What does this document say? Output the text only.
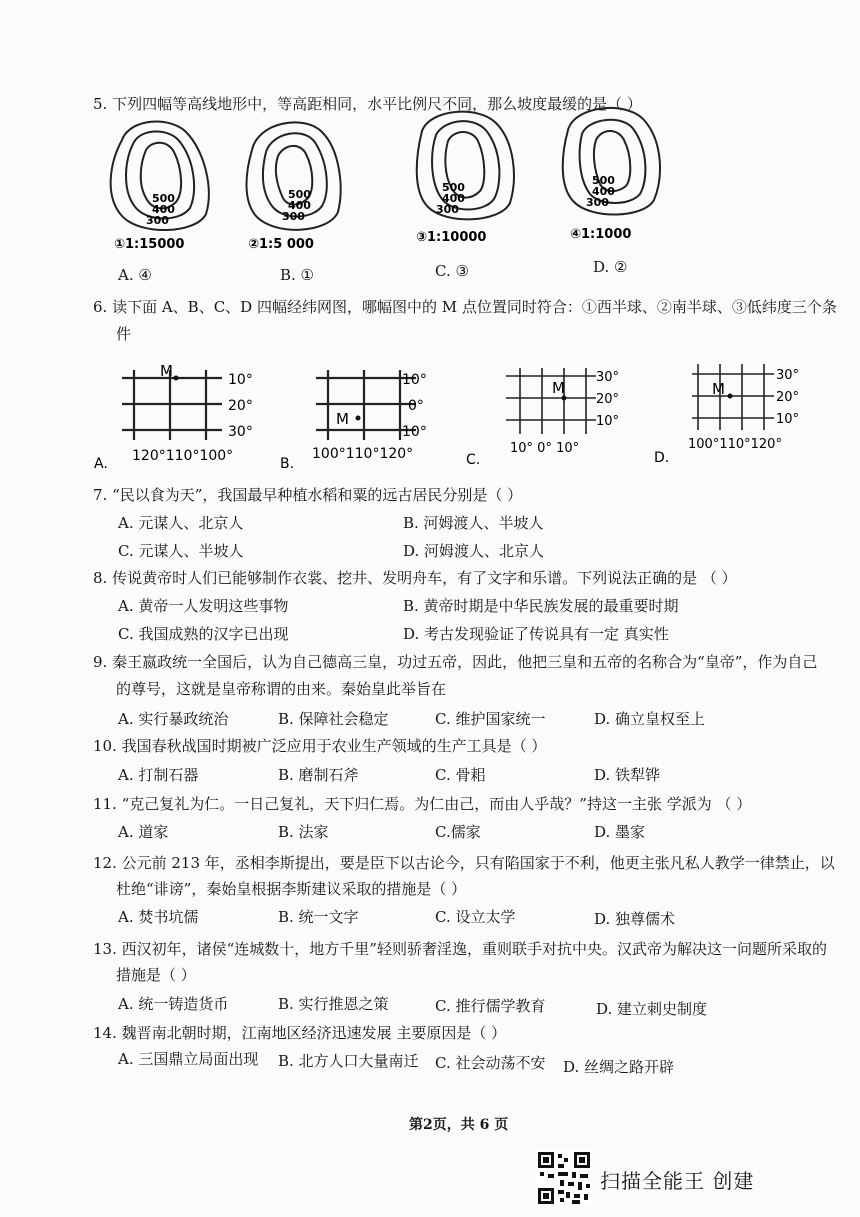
5. 下列四幅等高线地形中，等高距相同，水平比例尺不同，那么坡度最缓的是（ ）
500
400
300
①1:15000
500
400
300
②1:5 000
500
400
300
③1:10000
500
400
300
④1:1000
A. ④	B. ①	C. ③	D. ②
6. 读下面 A、B、C、D 四幅经纬网图，哪幅图中的 M 点位置同时符合：①西半球、②南半球、③低纬度三个条
件
M	10°
20°
30°
120°110°100°
A.
M
10°
0°
10°
100°110°120°
B.
M
30°
20°
10°
10° 0° 10°
C.
M
30°
20°
10°
100°110°120°
D.
7. “民以食为天”，我国最早种植水稻和粟的远古居民分别是（ ）
A. 元谋人、北京人	B. 河姆渡人、半坡人
C. 元谋人、半坡人	D. 河姆渡人、北京人
8. 传说黄帝时人们已能够制作衣裳、挖井、发明舟车，有了文字和乐谱。下列说法正确的是 （ ）
A. 黄帝一人发明这些事物	B. 黄帝时期是中华民族发展的最重要时期
C. 我国成熟的汉字已出现	D. 考古发现验证了传说具有一定 真实性
9. 秦王嬴政统一全国后，认为自己德高三皇，功过五帝，因此，他把三皇和五帝的名称合为“皇帝”，作为自己
的尊号，这就是皇帝称谓的由来。秦始皇此举旨在
A. 实行暴政统治	B. 保障社会稳定	C. 维护国家统一	D. 确立皇权至上
10. 我国春秋战国时期被广泛应用于农业生产领域的生产工具是（ ）
A. 打制石器	B. 磨制石斧	C. 骨耜	D. 铁犁铧
11. “克己复礼为仁。一日己复礼，天下归仁焉。为仁由己，而由人乎哉？”持这一主张 学派为 （ ）
A. 道家	B. 法家	C.儒家	D. 墨家
12. 公元前 213 年，丞相李斯提出，要是臣下以古论今，只有陷国家于不利，他更主张凡私人教学一律禁止，以
杜绝“诽谤”，秦始皇根据李斯建议采取的措施是（ ）
A. 焚书坑儒	B. 统一文字	C. 设立太学	D. 独尊儒术
13. 西汉初年，诸侯“连城数十，地方千里”轻则骄奢淫逸，重则联手对抗中央。汉武帝为解决这一问题所采取的
措施是（ ）
A. 统一铸造货币	B. 实行推恩之策	C. 推行儒学教育	D. 建立刺史制度
14. 魏晋南北朝时期，江南地区经济迅速发展 主要原因是（ ）
A. 三国鼎立局面出现 B. 北方人口大量南迁 C. 社会动荡不安 D. 丝绸之路开辟
第2页，共 6 页
扫描全能王 创建
